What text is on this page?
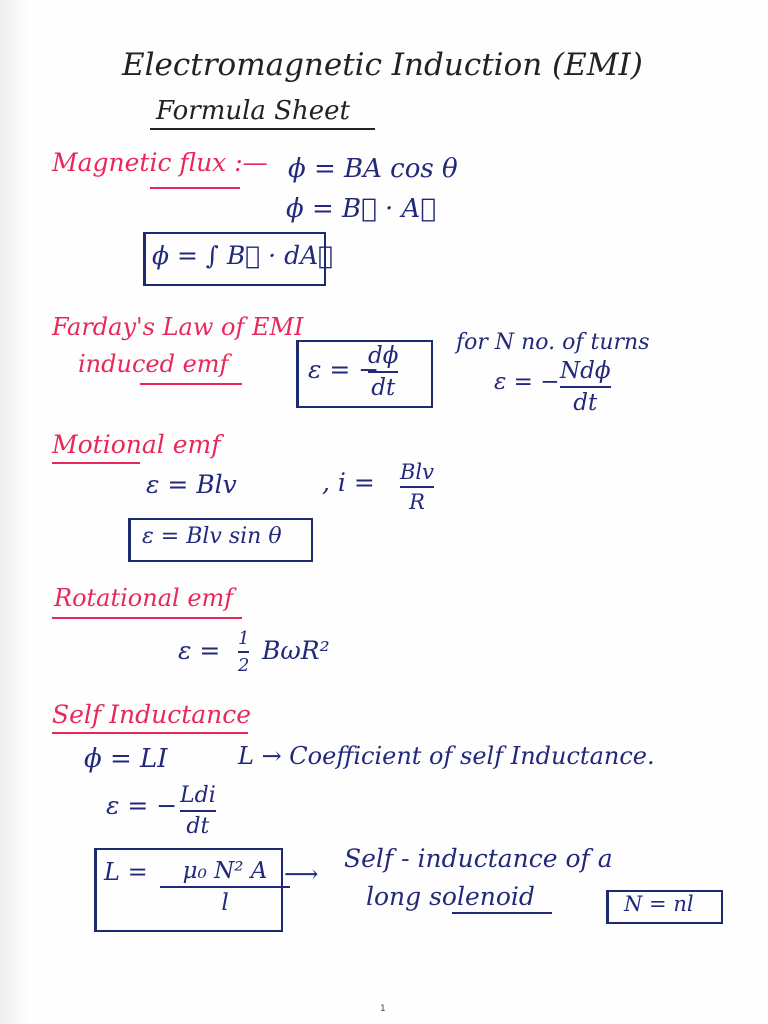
Electromagnetic Induction (EMI)
Formula Sheet
Magnetic flux :— ϕ = BA cos θ
ϕ = B⃗ · A⃗
ϕ = ∫ B⃗ · dA⃗
Farday's Law of EMI
induced emf	ε = −
dϕ
dt
for N no. of turns
ε = − Ndϕ
dt
Motional emf
ε = Blv	, i = Blv
R
ε = Blv sin θ
Rotational emf
ε = 1
2
BωR²
Self Inductance
ϕ = LI	L → Coefficient of self Inductance.
ε = − Ldi
dt
L = μ₀ N² A
l
⟶
Self - inductance of a
long solenoid	N = nl
1
